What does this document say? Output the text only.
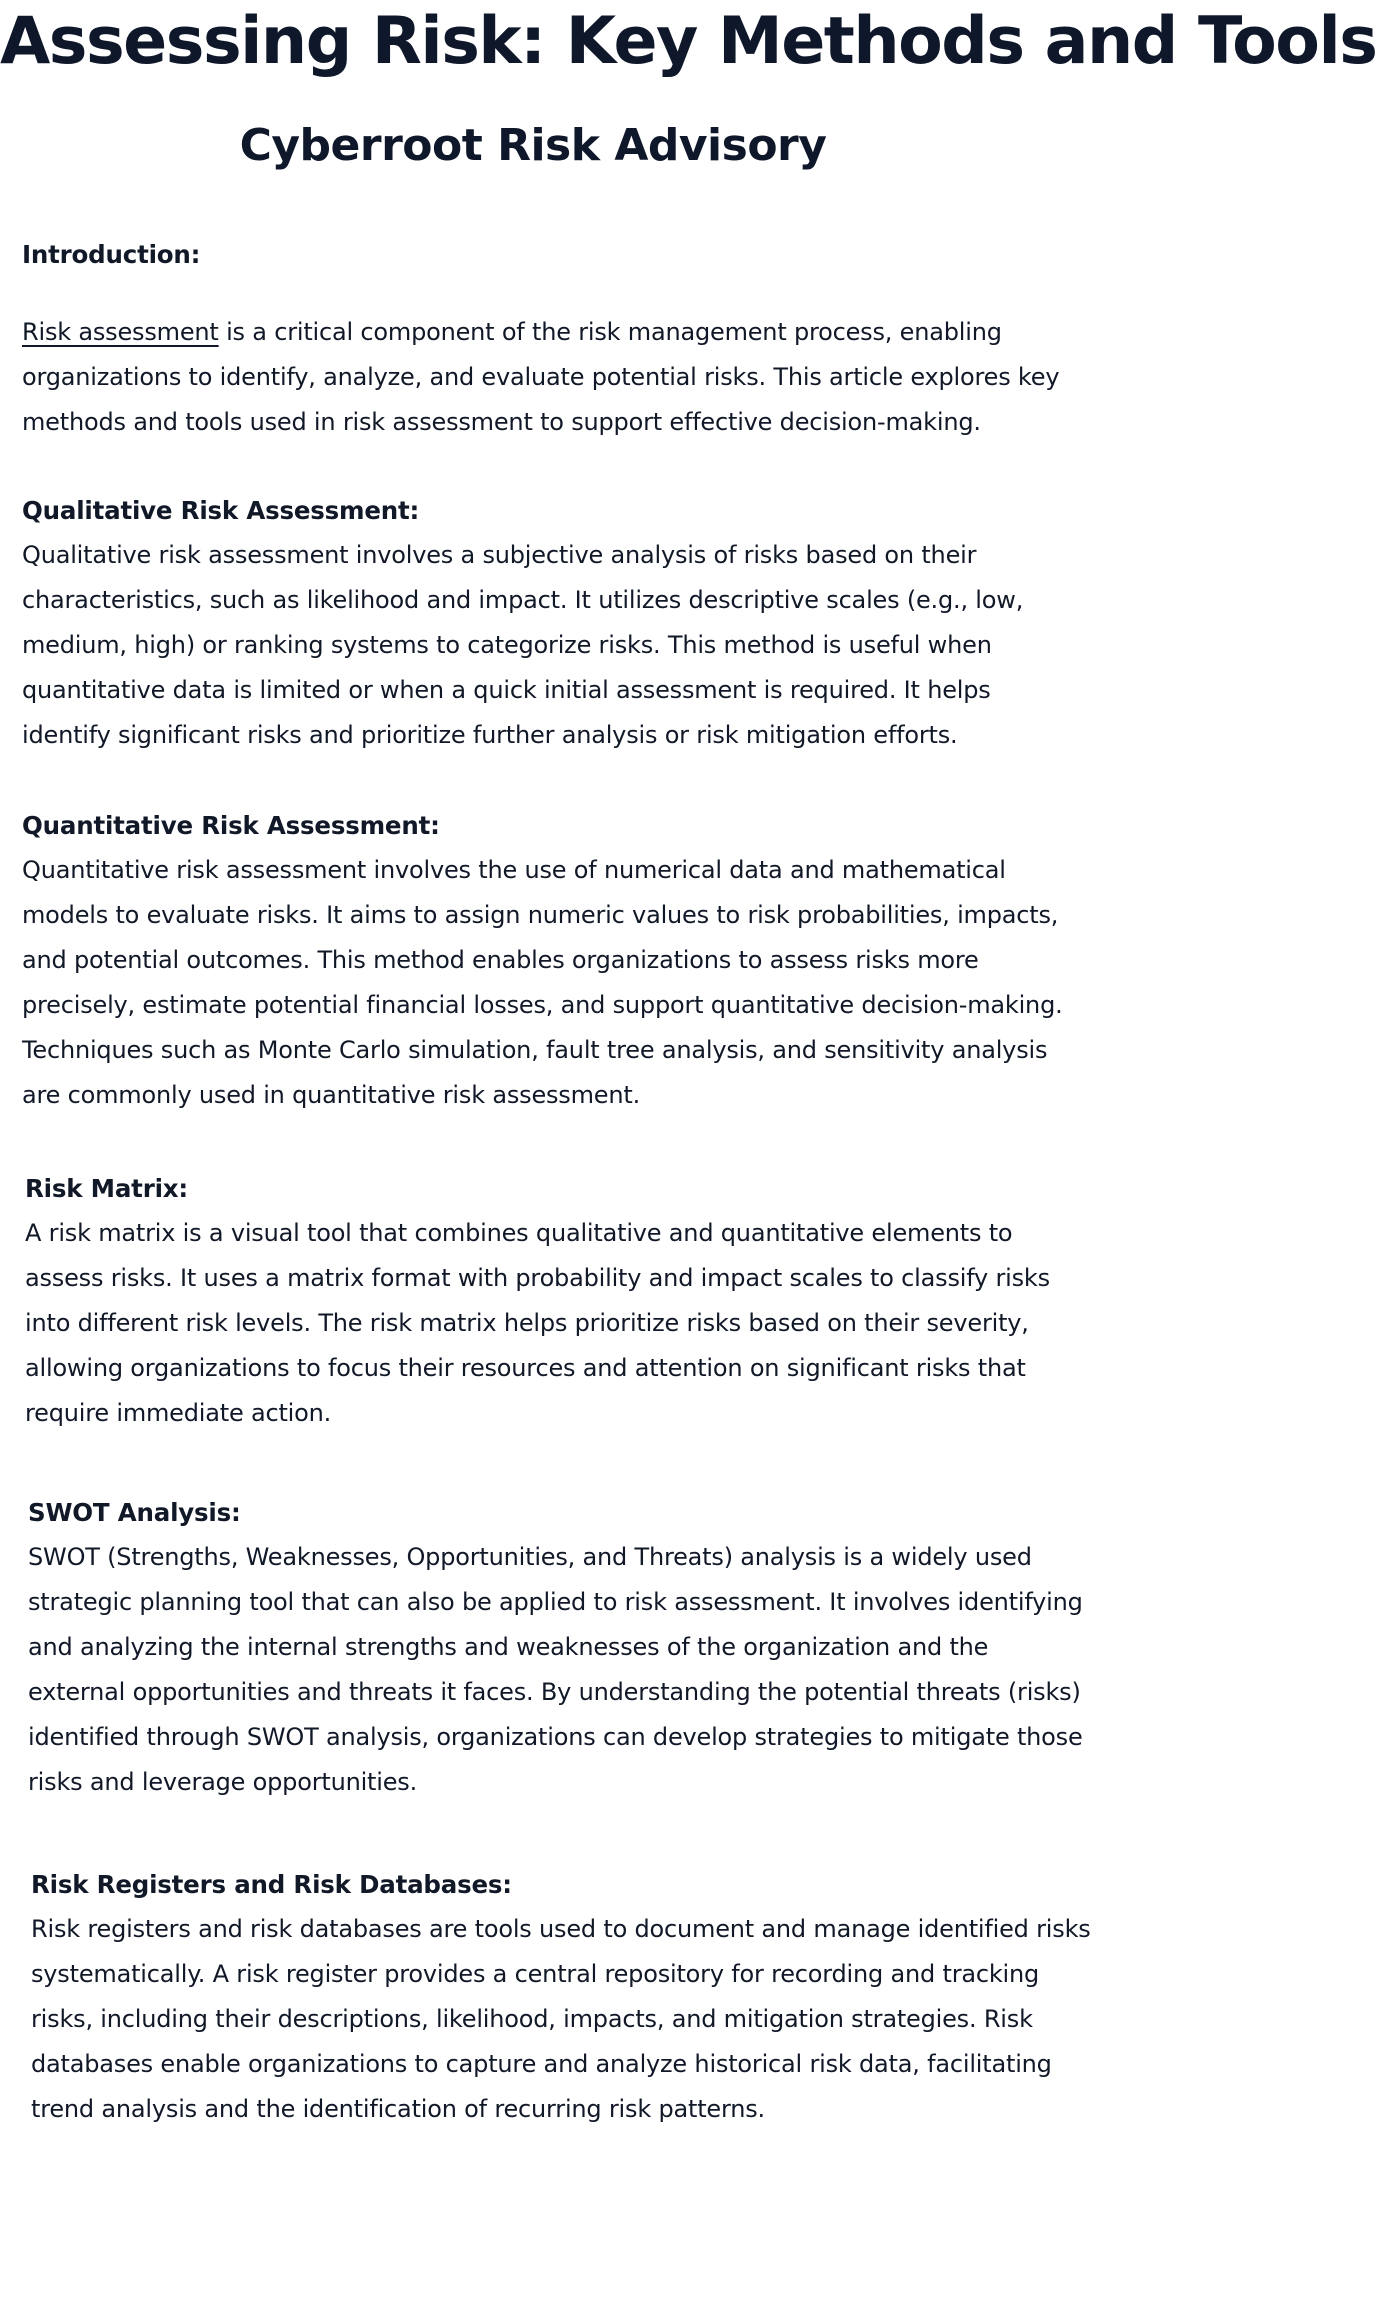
Assessing Risk: Key Methods and Tools
Cyberroot Risk Advisory
Introduction:

Risk assessment is a critical component of the risk management process, enabling organizations to identify, analyze, and evaluate potential risks. This article explores key methods and tools used in risk assessment to support effective decision-making.

Qualitative Risk Assessment:

Qualitative risk assessment involves a subjective analysis of risks based on their characteristics, such as likelihood and impact. It utilizes descriptive scales (e.g., low, medium, high) or ranking systems to categorize risks. This method is useful when quantitative data is limited or when a quick initial assessment is required. It helps identify significant risks and prioritize further analysis or risk mitigation efforts.

Quantitative Risk Assessment:

Quantitative risk assessment involves the use of numerical data and mathematical models to evaluate risks. It aims to assign numeric values to risk probabilities, impacts, and potential outcomes. This method enables organizations to assess risks more precisely, estimate potential financial losses, and support quantitative decision-making. Techniques such as Monte Carlo simulation, fault tree analysis, and sensitivity analysis are commonly used in quantitative risk assessment.

Risk Matrix:

A risk matrix is a visual tool that combines qualitative and quantitative elements to assess risks. It uses a matrix format with probability and impact scales to classify risks into different risk levels. The risk matrix helps prioritize risks based on their severity, allowing organizations to focus their resources and attention on significant risks that require immediate action.

SWOT Analysis:

SWOT (Strengths, Weaknesses, Opportunities, and Threats) analysis is a widely used strategic planning tool that can also be applied to risk assessment. It involves identifying and analyzing the internal strengths and weaknesses of the organization and the external opportunities and threats it faces. By understanding the potential threats (risks) identified through SWOT analysis, organizations can develop strategies to mitigate those risks and leverage opportunities.

Risk Registers and Risk Databases:

Risk registers and risk databases are tools used to document and manage identified risks systematically. A risk register provides a central repository for recording and tracking risks, including their descriptions, likelihood, impacts, and mitigation strategies. Risk databases enable organizations to capture and analyze historical risk data, facilitating trend analysis and the identification of recurring risk patterns.
